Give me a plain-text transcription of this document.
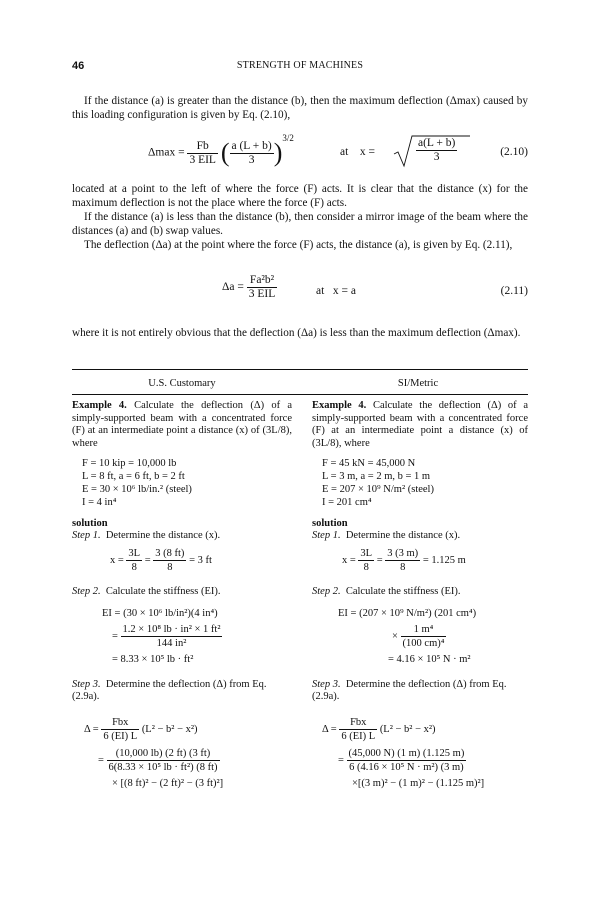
46	STRENGTH OF MACHINES
If the distance (a) is greater than the distance (b), then the maximum deflection (Δmax) caused by this loading configuration is given by Eq. (2.10),
$\Delta\max = \frac{Fb}{\text{3 EIL}}$ ( $\frac{a (L + b)}{3} )^{3/2}$
at x =	$\frac{a(L + b)}{3}$	(2.10)
located at a point to the left of where the force (F) acts. It is clear that the distance (x) for the maximum deflection is not the place where the force (F) acts.
If the distance (a) is less than the distance (b), then consider a mirror image of the beam where the distances (a) and (b) swap values.
The deflection (Δa) at the point where the force (F) acts, the distance (a), is given by Eq. (2.11),
$\Delta a = \frac{\text{Fa²b²}}{\text{3 EIL}}$	at   x = a	(2.11)
where it is not entirely obvious that the deflection (Δa) is less than the maximum deflection (Δmax).
U.S. Customary	SI/Metric

Example 4. Calculate the deflection (Δ) of a simply-supported beam with a concentrated force (F) at an intermediate point a distance (x) of (3L/8), where

F = 10 kip = 10,000 lb
L = 8 ft, a = 6 ft, b = 2 ft
E = 30 × 10⁶ lb/in.² (steel)
I = 4 in⁴
solution
Step 1. Determine the distance (x).
$x = \frac{3L}{8} = \frac{3 (8 ft)}{8} = 3$ ft
Step 2. Calculate the stiffness (EI).
EI = (30 × 10⁶ lb/in²)(4 in⁴)
= $\frac{\text{1.2 × 10⁸ lb · in² × 1 ft²}}{\text{144 in²}}$
= 8.33 × 10⁵ lb · ft²
Step 3. Determine the deflection (Δ) from Eq. (2.9a).
$\Delta = \frac{\text{Fbx}}{6 (EI) L} (L^2 - b^2 - x^2)$
= $\frac{(10,000 lb) (2 ft) (3 ft)}{\text{6(8.33 × 10⁵ lb · ft²) (8 ft)}}$
× [(8 ft)² − (2 ft)² − (3 ft)²]

Example 4. Calculate the deflection (Δ) of a simply-supported beam with a concentrated force (F) at an intermediate point a distance (x) of (3L/8), where

F = 45 kN = 45,000 N
L = 3 m, a = 2 m, b = 1 m
E = 207 × 10⁹ N/m² (steel)
I = 201 cm⁴
solution
Step 1. Determine the distance (x).
$x = \frac{3L}{8} = \frac{3 (3 m)}{8} = 1.125$ m
Step 2. Calculate the stiffness (EI).
EI = (207 × 10⁹ N/m²) (201 cm⁴)
× $\frac{\text{1 m⁴}}{\text{(100 cm)⁴}}$
= 4.16 × 10⁵ N · m²
Step 3. Determine the deflection (Δ) from Eq. (2.9a).
$\Delta = \frac{\text{Fbx}}{6 (EI) L} (L^2 - b^2 - x^2)$
= $\frac{(45,000 N) (1 m) (1.125 m)}{\text{6 (4.16 × 10⁵ N · m²) (3 m)}}$
×[(3 m)² − (1 m)² − (1.125 m)²]
